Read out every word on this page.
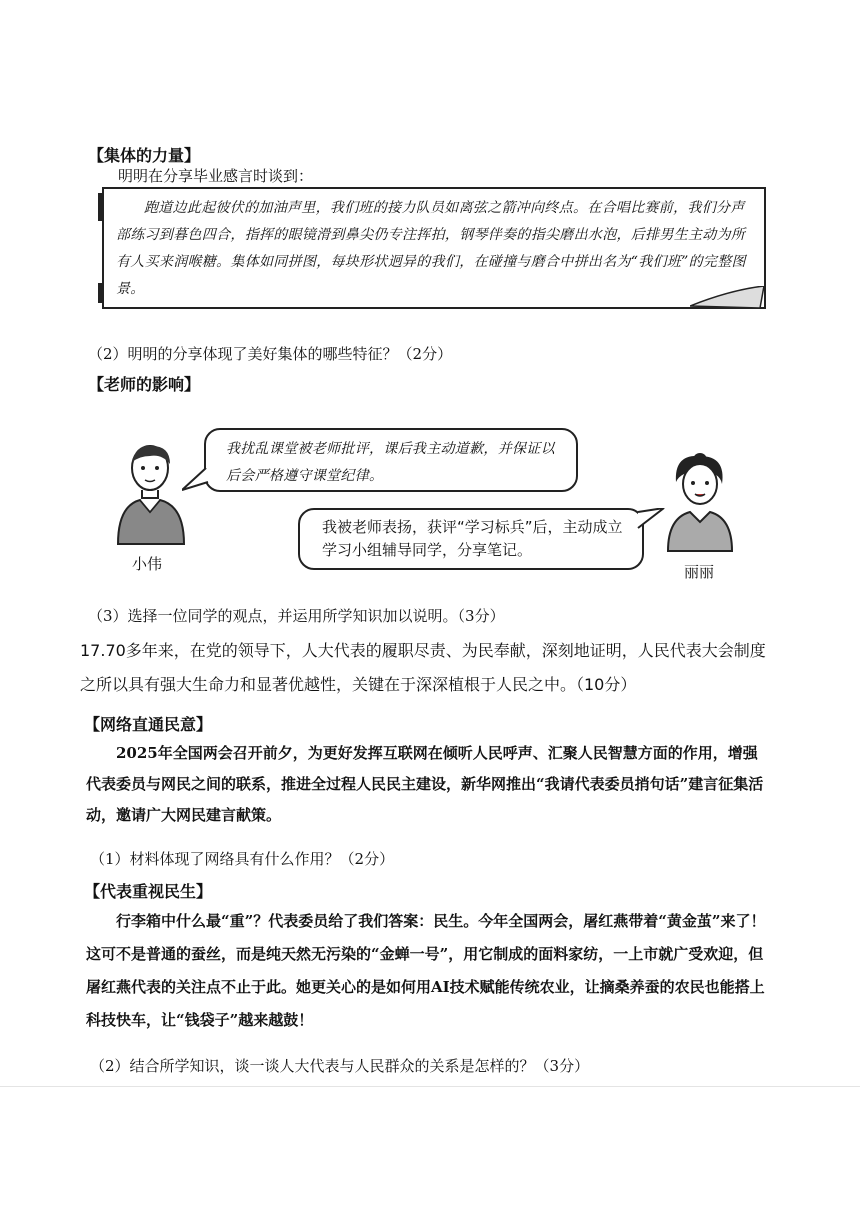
【集体的力量】
明明在分享毕业感言时谈到：
跑道边此起彼伏的加油声里，我们班的接力队员如离弦之箭冲向终点。在合唱比赛前，我们分声部练习到暮色四合，指挥的眼镜滑到鼻尖仍专注挥拍，钢琴伴奏的指尖磨出水泡，后排男生主动为所有人买来润喉糖。集体如同拼图，每块形状迥异的我们，在碰撞与磨合中拼出名为“我们班”的完整图景。
（2）明明的分享体现了美好集体的哪些特征？（2分）
【老师的影响】
小伟
我扰乱课堂被老师批评，课后我主动道歉，并保证以后会严格遵守课堂纪律。
我被老师表扬，获评“学习标兵”后，主动成立学习小组辅导同学，分享笔记。
丽丽
（3）选择一位同学的观点，并运用所学知识加以说明。（3分）
17.70多年来，在党的领导下，人大代表的履职尽责、为民奉献，深刻地证明，人民代表大会制度之所以具有强大生命力和显著优越性，关键在于深深植根于人民之中。（10分）
【网络直通民意】
2025年全国两会召开前夕，为更好发挥互联网在倾听人民呼声、汇聚人民智慧方面的作用，增强代表委员与网民之间的联系，推进全过程人民民主建设，新华网推出“我请代表委员捎句话”建言征集活动，邀请广大网民建言献策。
（1）材料体现了网络具有什么作用？（2分）
【代表重视民生】
行李箱中什么最“重”？代表委员给了我们答案：民生。今年全国两会，屠红燕带着“黄金茧”来了！这可不是普通的蚕丝，而是纯天然无污染的“金蝉一号”，用它制成的面料家纺，一上市就广受欢迎，但屠红燕代表的关注点不止于此。她更关心的是如何用AI技术赋能传统农业，让摘桑养蚕的农民也能搭上科技快车，让“钱袋子”越来越鼓！
（2）结合所学知识，谈一谈人大代表与人民群众的关系是怎样的？（3分）
